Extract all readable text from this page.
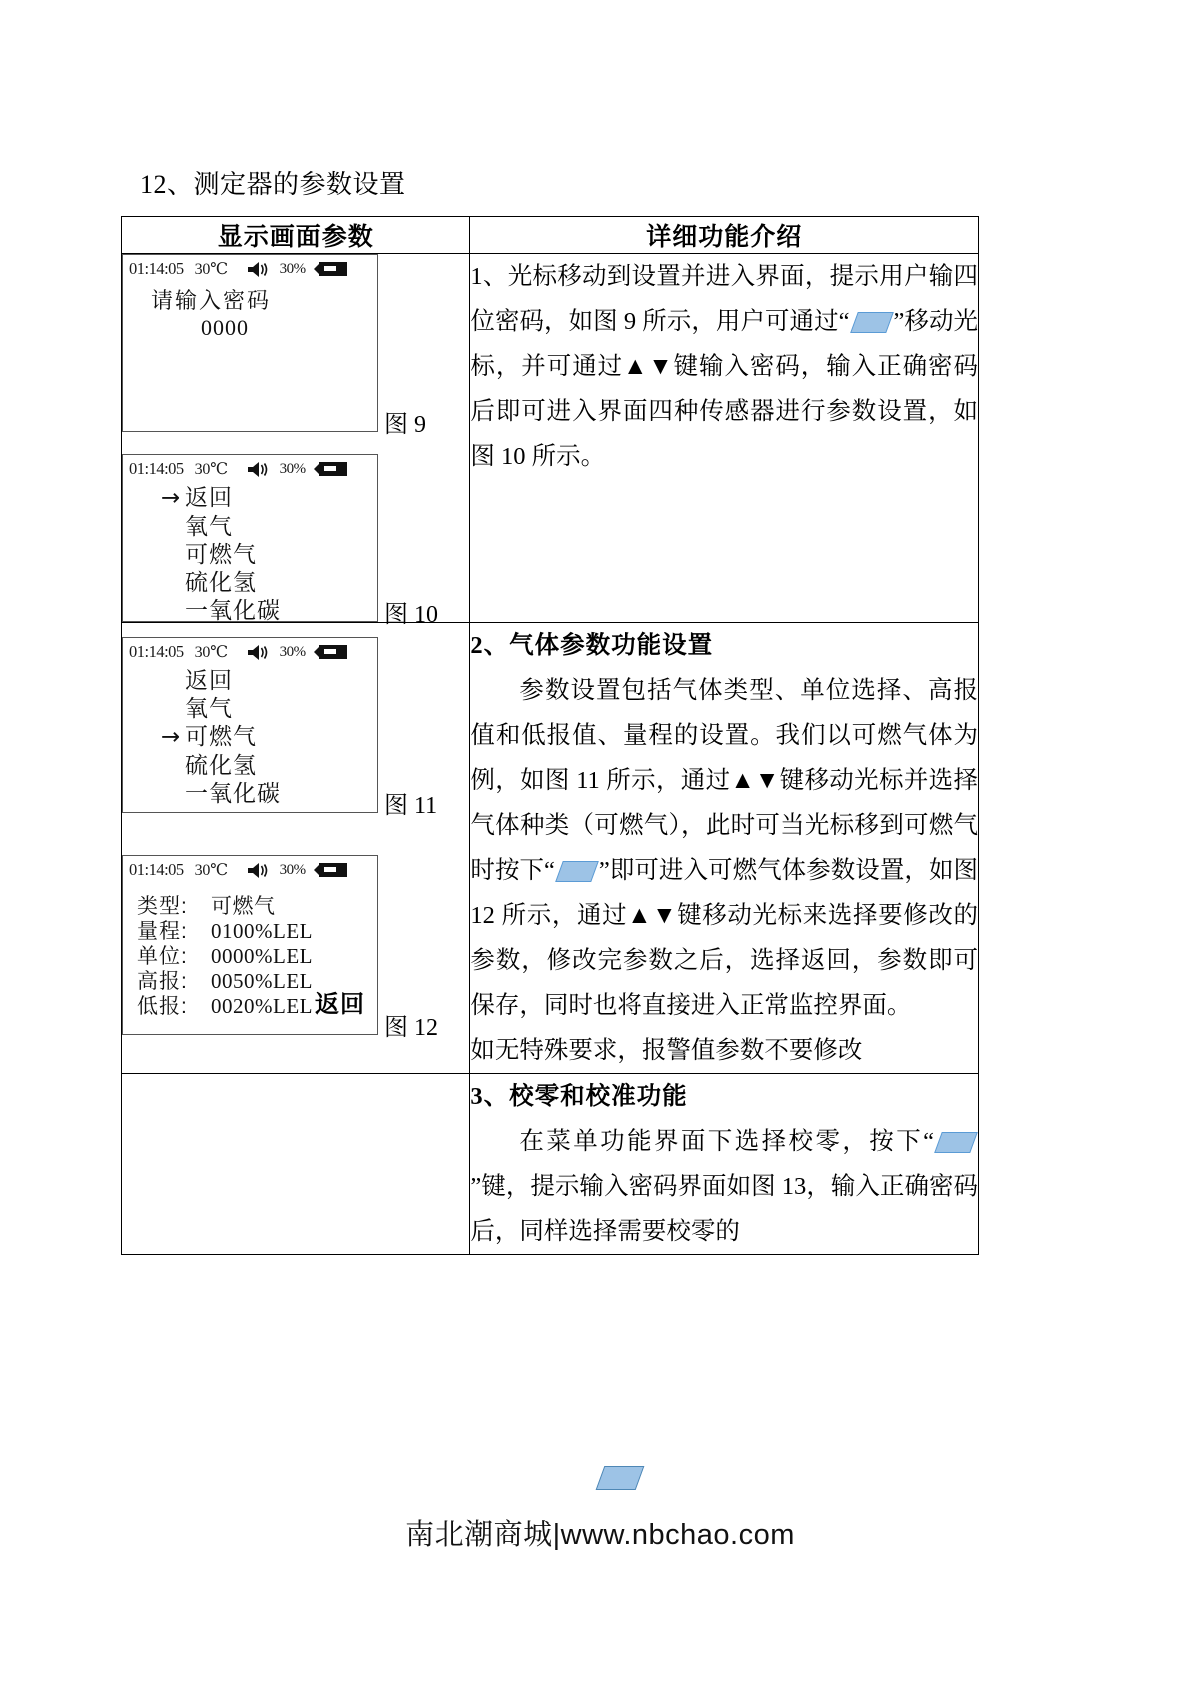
12、测定器的参数设置
显示画面参数	详细功能介绍

01:14:05 30℃	30%
请输入密码
0000
图 9
01:14:05 30℃	30%
→ 返回
氧气
可燃气
硫化氢
一氧化碳	图 10

1、光标移动到设置并进入界面，提示用户输四位密码，如图 9 所示，用户可通过“ ”移动光标，并可通过▲▼键输入密码，输入正确密码后即可进入界面四种传感器进行参数设置，如图 10 所示。

01:14:05 30℃	30%
返回
氧气
→ 可燃气
硫化氢
一氧化碳	图 11
01:14:05 30℃	30%
类型:	可燃气
量程:	0100%LEL
单位:	0000%LEL
高报:	0050%LEL
低报:	0020%LEL 返回
图 12

2、气体参数功能设置
参数设置包括气体类型、单位选择、高报值和低报值、量程的设置。我们以可燃气体为例，如图 11 所示，通过▲▼键移动光标并选择气体种类（可燃气），此时可当光标移到可燃气时按下“ ”即可进入可燃气体参数设置，如图 12 所示，通过▲▼键移动光标来选择要修改的参数，修改完参数之后，选择返回，参数即可保存，同时也将直接进入正常监控界面。
如无特殊要求，报警值参数不要修改

	3、校零和校准功能
在菜单功能界面下选择校零，按下“”键，提示输入密码界面如图 13，输入正确密码后，同样选择需要校零的
南北潮商城|www.nbchao.com
